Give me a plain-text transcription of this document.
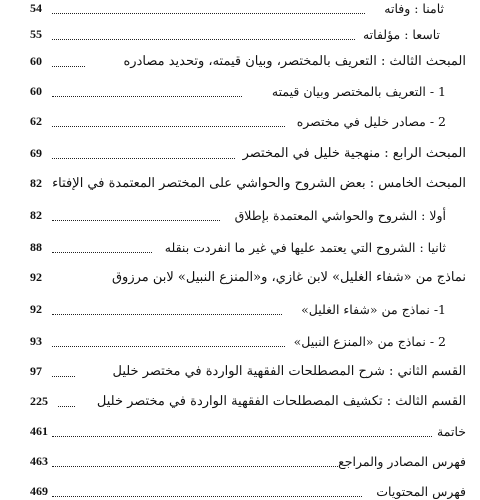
54	ثامنا : وفاته
55	تاسعا : مؤلفاته
60	المبحث الثالث : التعريف بالمختصر، وبيان قيمته، وتحديد مصادره
60	1 - التعريف بالمختصر وبيان قيمته
62	2 - مصادر خليل في مختصره
69	المبحث الرابع : منهجية خليل في المختصر
82 المبحث الخامس : بعض الشروح والحواشي على المختصر المعتمدة في الإفتاء
82	أولا : الشروح والحواشي المعتمدة بإطلاق
88	ثانيا : الشروح التي يعتمد عليها في غير ما انفردت بنقله
92	نماذج من «شفاء الغليل» لابن غازي، و«المنزع النبيل» لابن مرزوق
92	1- نماذج من «شفاء الغليل»
93	2 - نماذج من «المنزع النبيل»
97	القسم الثاني : شرح المصطلحات الفقهية الواردة في مختصر خليل
225	القسم الثالث : تكشيف المصطلحات الفقهية الواردة في مختصر خليل
461	خاتمة
463	فهرس المصادر والمراجع
469	فهرس المحتويات
